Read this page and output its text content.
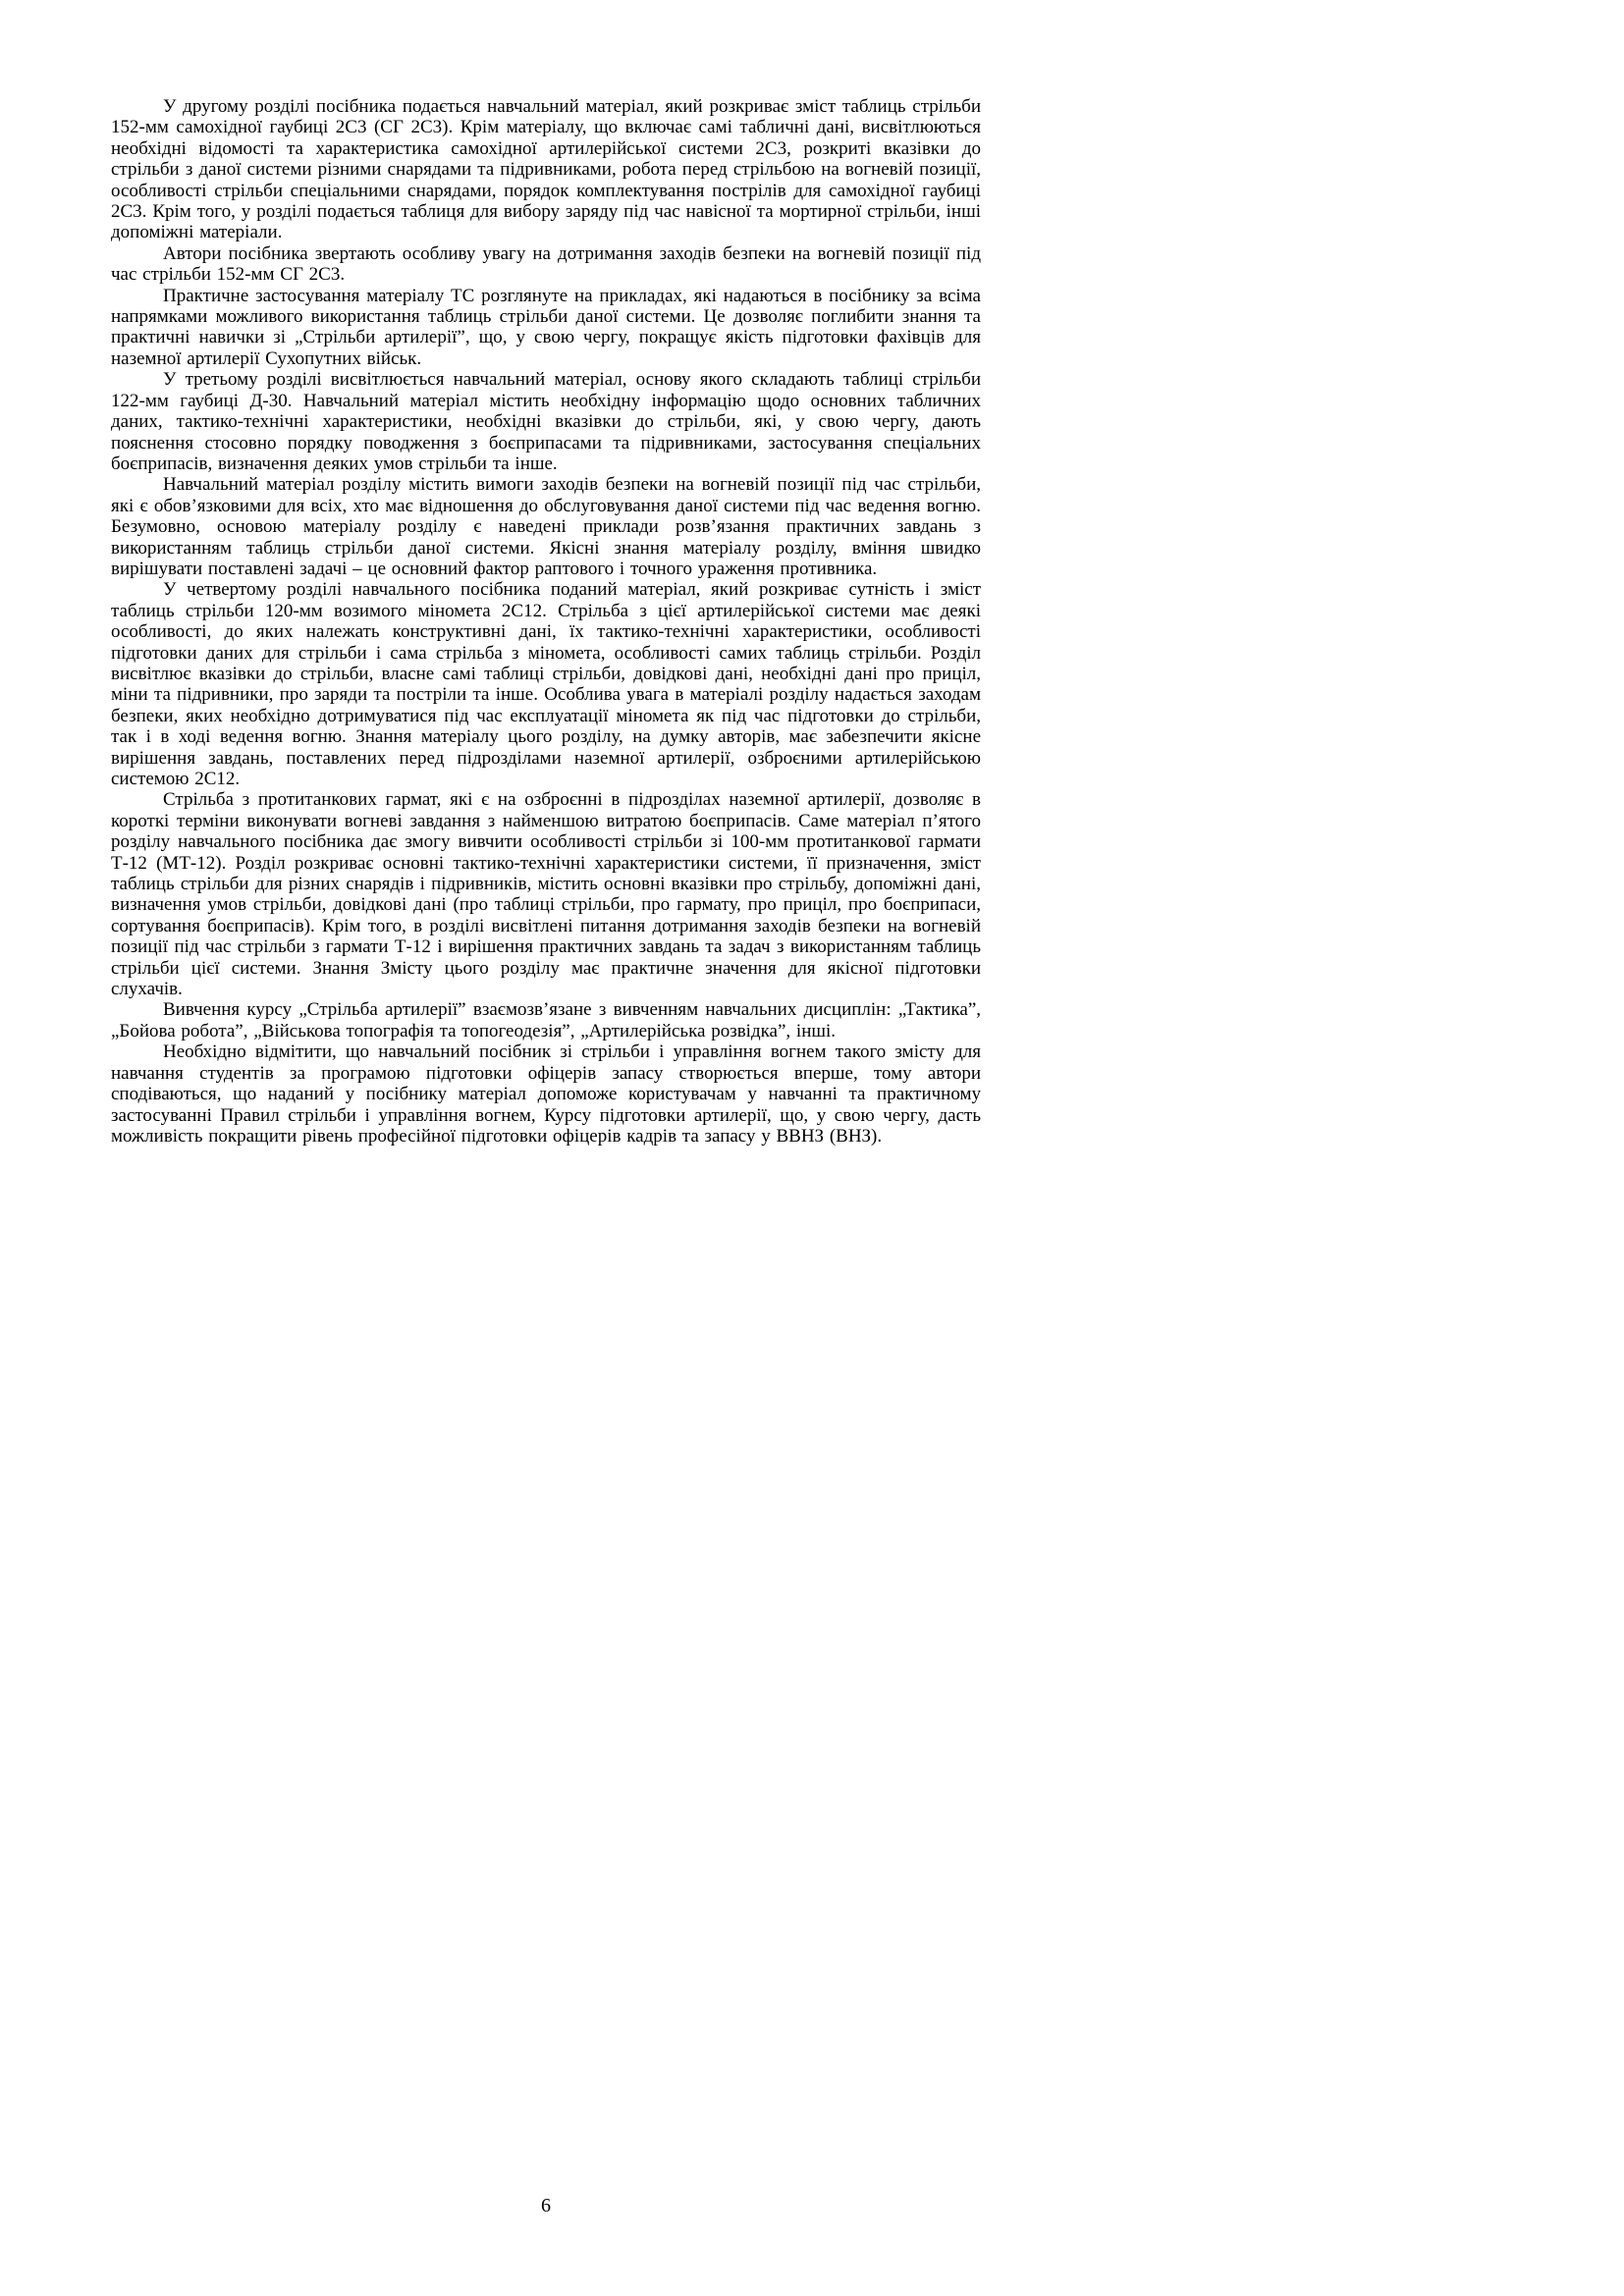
У другому розділі посібника подається навчальний матеріал, який розкриває зміст таблиць стрільби 152-мм самохідної гаубиці 2С3 (СГ 2С3). Крім матеріалу, що включає самі табличні дані, висвітлюються необхідні відомості та характеристика самохідної артилерійської системи 2С3, розкриті вказівки до стрільби з даної системи різними снарядами та підривниками, робота перед стрільбою на вогневій позиції, особливості стрільби спеціальними снарядами, порядок комплектування пострілів для самохідної гаубиці 2С3. Крім того, у розділі подається таблиця для вибору заряду під час навісної та мортирної стрільби, інші допоміжні матеріали.

Автори посібника звертають особливу увагу на дотримання заходів безпеки на вогневій позиції під час стрільби 152-мм СГ 2С3.

Практичне застосування матеріалу ТС розглянуте на прикладах, які надаються в посібнику за всіма напрямками можливого використання таблиць стрільби даної системи. Це дозволяє поглибити знання та практичні навички зі „Стрільби артилерії”, що, у свою чергу, покращує якість підготовки фахівців для наземної артилерії Сухопутних військ.

У третьому розділі висвітлюється навчальний матеріал, основу якого складають таблиці стрільби 122-мм гаубиці Д-30. Навчальний матеріал містить необхідну інформацію щодо основних табличних даних, тактико-технічні характеристики, необхідні вказівки до стрільби, які, у свою чергу, дають пояснення стосовно порядку поводження з боєприпасами та підривниками, застосування спеціальних боєприпасів, визначення деяких умов стрільби та інше.

Навчальний матеріал розділу містить вимоги заходів безпеки на вогневій позиції під час стрільби, які є обов’язковими для всіх, хто має відношення до обслуговування даної системи під час ведення вогню. Безумовно, основою матеріалу розділу є наведені приклади розв’язання практичних завдань з використанням таблиць стрільби даної системи. Якісні знання матеріалу розділу, вміння швидко вирішувати поставлені задачі – це основний фактор раптового і точного ураження противника.

У четвертому розділі навчального посібника поданий матеріал, який розкриває сутність і зміст таблиць стрільби 120-мм возимого міномета 2С12. Стрільба з цієї артилерійської системи має деякі особливості, до яких належать конструктивні дані, їх тактико-технічні характеристики, особливості підготовки даних для стрільби і сама стрільба з міномета, особливості самих таблиць стрільби. Розділ висвітлює вказівки до стрільби, власне самі таблиці стрільби, довідкові дані, необхідні дані про приціл, міни та підривники, про заряди та постріли та інше. Особлива увага в матеріалі розділу надається заходам безпеки, яких необхідно дотримуватися під час експлуатації міномета як під час підготовки до стрільби, так і в ході ведення вогню. Знання матеріалу цього розділу, на думку авторів, має забезпечити якісне вирішення завдань, поставлених перед підрозділами наземної артилерії, озброєними артилерійською системою 2С12.

Стрільба з протитанкових гармат, які є на озброєнні в підрозділах наземної артилерії, дозволяє в короткі терміни виконувати вогневі завдання з найменшою витратою боєприпасів. Саме матеріал п’ятого розділу навчального посібника дає змогу вивчити особливості стрільби зі 100-мм протитанкової гармати Т-12 (МТ-12). Розділ розкриває основні тактико-технічні характеристики системи, її призначення, зміст таблиць стрільби для різних снарядів і підривників, містить основні вказівки про стрільбу, допоміжні дані, визначення умов стрільби, довідкові дані (про таблиці стрільби, про гармату, про приціл, про боєприпаси, сортування боєприпасів). Крім того, в розділі висвітлені питання дотримання заходів безпеки на вогневій позиції під час стрільби з гармати Т-12 і вирішення практичних завдань та задач з використанням таблиць стрільби цієї системи. Знання Змісту цього розділу має практичне значення для якісної підготовки слухачів.

Вивчення курсу „Стрільба артилерії” взаємозв’язане з вивченням навчальних дисциплін: „Тактика”, „Бойова робота”, „Військова топографія та топогеодезія”, „Артилерійська розвідка”, інші.

Необхідно відмітити, що навчальний посібник зі стрільби і управління вогнем такого змісту для навчання студентів за програмою підготовки офіцерів запасу створюється вперше, тому автори сподіваються, що наданий у посібнику матеріал допоможе користувачам у навчанні та практичному застосуванні Правил стрільби і управління вогнем, Курсу підготовки артилерії, що, у свою чергу, дасть можливість покращити рівень професійної підготовки офіцерів кадрів та запасу у ВВНЗ (ВНЗ).

6
